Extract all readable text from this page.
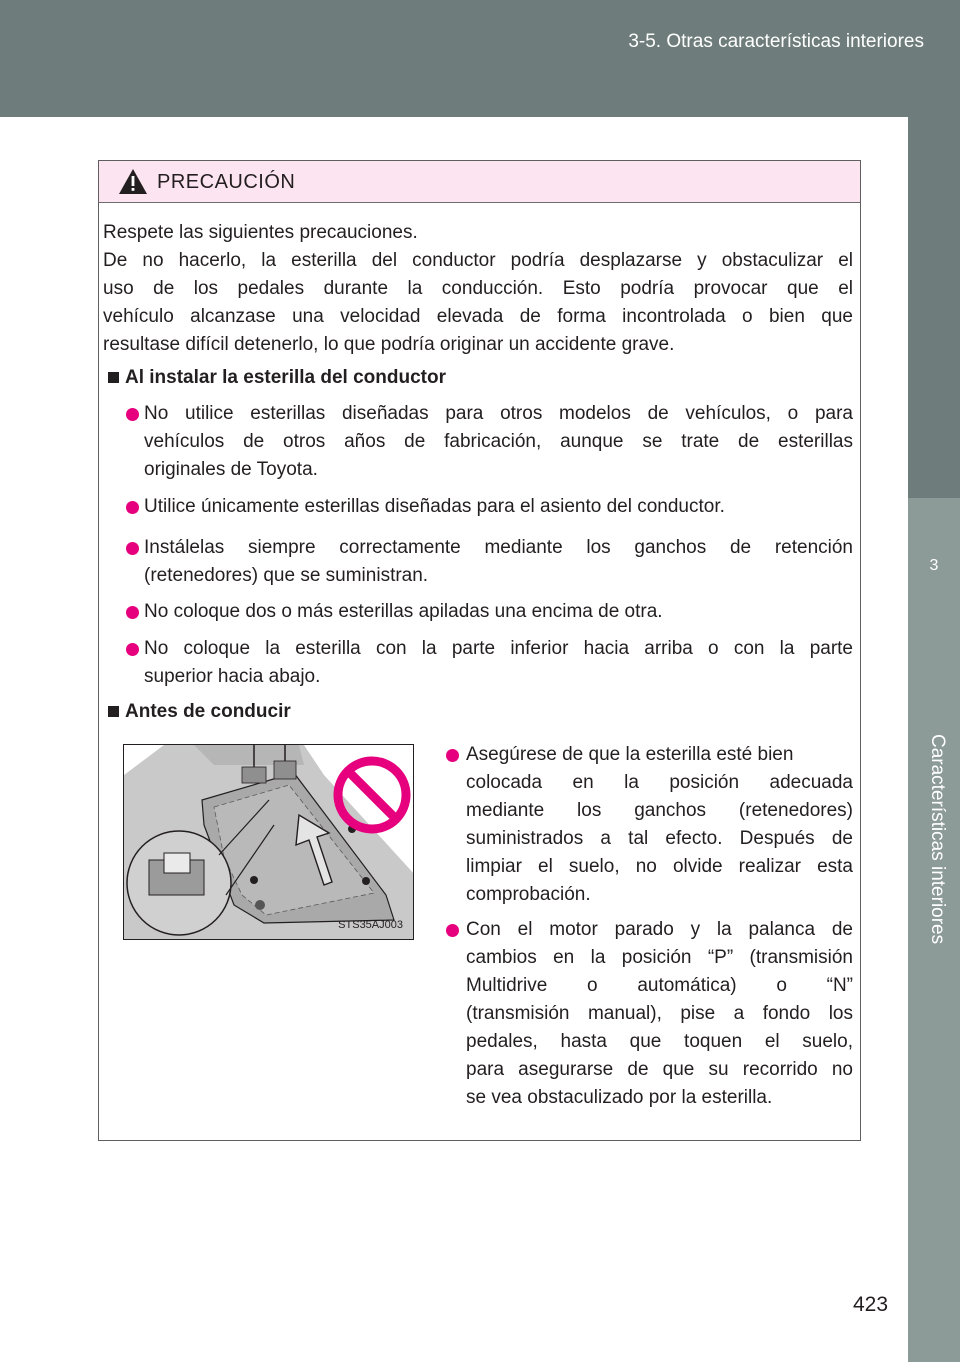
3-5. Otras características interiores
3
Características interiores
PRECAUCIÓN
Respete las siguientes precauciones.
De no hacerlo, la esterilla del conductor podría desplazarse y obstaculizar el
uso de los pedales durante la conducción. Esto podría provocar que el
vehículo alcanzase una velocidad elevada de forma incontrolada o bien que
resultase difícil detenerlo, lo que podría originar un accidente grave.
Al instalar la esterilla del conductor
No utilice esterillas diseñadas para otros modelos de vehículos, o para
vehículos de otros años de fabricación, aunque se trate de esterillas
originales de Toyota.
Utilice únicamente esterillas diseñadas para el asiento del conductor.
Instálelas siempre correctamente mediante los ganchos de retención
(retenedores) que se suministran.
No coloque dos o más esterillas apiladas una encima de otra.
No coloque la esterilla con la parte inferior hacia arriba o con la parte
superior hacia abajo.
Antes de conducir
STS35AJ003
Asegúrese de que la esterilla esté bien
colocada en la posición adecuada
mediante los ganchos (retenedores)
suministrados a tal efecto. Después de
limpiar el suelo, no olvide realizar esta
comprobación.
Con el motor parado y la palanca de
cambios en la posición “P” (transmisión
Multidrive o automática) o “N”
(transmisión manual), pise a fondo los
pedales, hasta que toquen el suelo,
para asegurarse de que su recorrido no
se vea obstaculizado por la esterilla.
423
